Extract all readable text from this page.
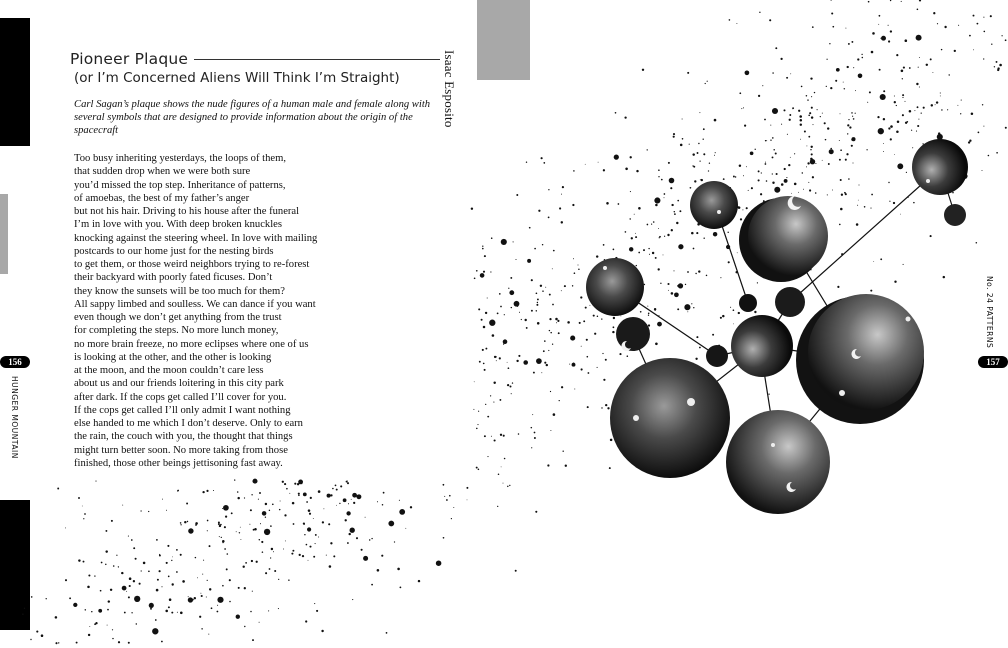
Pioneer Plaque
(or I’m Concerned Aliens Will Think I’m Straight)	Isaac Esposito
Carl Sagan’s plaque shows the nude figures of a human male and female along with several symbols that are designed to provide information about the origin of the spacecraft
Too busy inheriting yesterdays, the loops of them,
that sudden drop when we were both sure
you’d missed the top step. Inheritance of patterns,
of amoebas, the best of my father’s anger
but not his hair. Driving to his house after the funeral
I’m in love with you. With deep broken knuckles
knocking against the steering wheel. In love with mailing
postcards to our home just for the nesting birds
to get them, or those weird neighbors trying to re-forest
their backyard with poorly fated ficuses. Don’t
they know the sunsets will be too much for them?
All sappy limbed and soulless. We can dance if you want
even though we don’t get anything from the trust
for completing the steps. No more lunch money,
no more brain freeze, no more eclipses where one of us
is looking at the other, and the other is looking
at the moon, and the moon couldn’t care less
about us and our friends loitering in this city park
after dark. If the cops get called I’ll cover for you.
If the cops get called I’ll only admit I want nothing
else handed to me which I don’t deserve. Only to earn
the rain, the couch with you, the thought that things
might turn better soon. No more taking from those
finished, those other beings jettisoning fast away.
156
HUNGER MOUNTAIN
157
No. 24 PATTERNS
